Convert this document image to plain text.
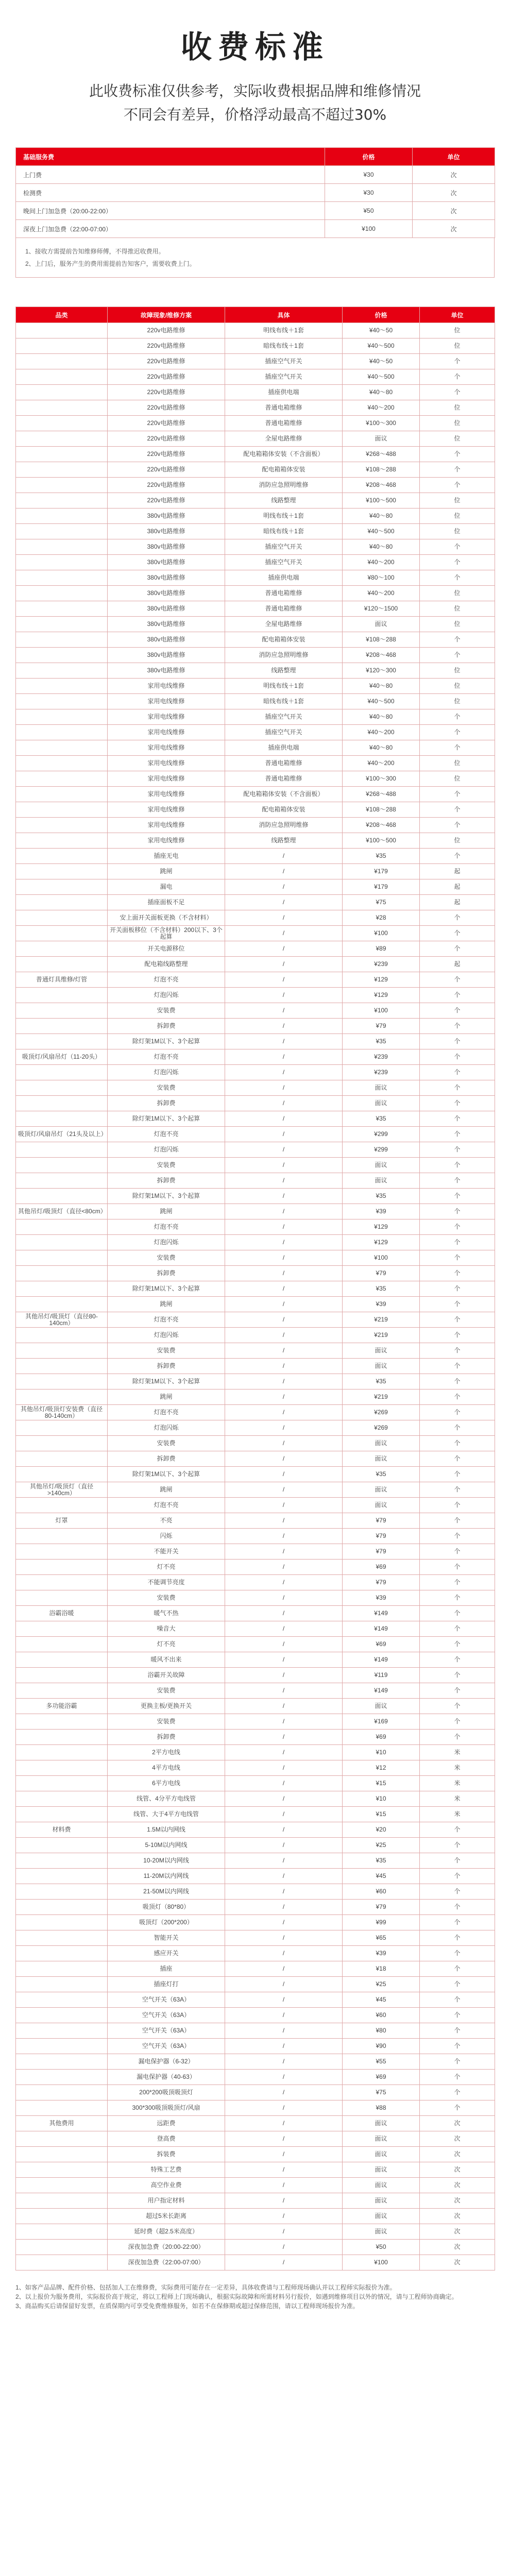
收费标准
此收费标准仅供参考，实际收费根据品牌和维修情况
不同会有差异，价格浮动最高不超过30%
基础服务费	价格	单位
上门费	¥30	次
检测费	¥30	次
晚间上门加急费（20:00-22:00）	¥50	次
深夜上门加急费（22:00-07:00）	¥100	次
1、接收方需提前告知维修师傅，不得推迟收费用。
2、上门后，服务产生的费用需提前告知客户，需要收费上门。
品类	故障现象/维修方案	具体	价格	单位
	220v电路维修	明线布线＋1套	¥40～50	位
	220v电路维修	暗线布线＋1套	¥40～500	位
	220v电路维修	插座空气开关	¥40～50	个
	220v电路维修	插座空气开关	¥40～500	个
	220v电路维修	插座供电端	¥40～80	个
	220v电路维修	普通电箱维修	¥40～200	位
	220v电路维修	普通电箱维修	¥100～300	位
	220v电路维修	全屋电路维修	面议	位
	220v电路维修	配电箱箱体安装（不含面板）	¥268～488	个
	220v电路维修	配电箱箱体安装	¥108～288	个
	220v电路维修	消防应急照明维修	¥208～468	个
	220v电路维修	线路整理	¥100～500	位
	380v电路维修	明线布线＋1套	¥40～80	位
	380v电路维修	暗线布线＋1套	¥40～500	位
	380v电路维修	插座空气开关	¥40～80	个
	380v电路维修	插座空气开关	¥40～200	个
	380v电路维修	插座供电端	¥80～100	个
	380v电路维修	普通电箱维修	¥40～200	位
	380v电路维修	普通电箱维修	¥120～1500	位
	380v电路维修	全屋电路维修	面议	位
	380v电路维修	配电箱箱体安装	¥108～288	个
	380v电路维修	消防应急照明维修	¥208～468	个
	380v电路维修	线路整理	¥120～300	位
	家用电线维修	明线布线＋1套	¥40～80	位
	家用电线维修	暗线布线＋1套	¥40～500	位
	家用电线维修	插座空气开关	¥40～80	个
	家用电线维修	插座空气开关	¥40～200	个
	家用电线维修	插座供电端	¥40～80	个
	家用电线维修	普通电箱维修	¥40～200	位
	家用电线维修	普通电箱维修	¥100～300	位
	家用电线维修	配电箱箱体安装（不含面板）	¥268～488	个
	家用电线维修	配电箱箱体安装	¥108～288	个
	家用电线维修	消防应急照明维修	¥208～468	个
	家用电线维修	线路整理	¥100～500	位
	插座无电	/	¥35	个
	跳闸	/	¥179	起
	漏电	/	¥179	起
	插座面板不足	/	¥75	起
	安上面开关面板更换（不含材料）	/	¥28	个
	开关面板移位（不含材料）200以下、3个起算	/	¥100	个
	开关电源移位	/	¥89	个
	配电箱线路整理	/	¥239	起
普通灯具维修/灯管	灯泡不亮	/	¥129	个
	灯泡闪烁	/	¥129	个
	安装费	/	¥100	个
	拆卸费	/	¥79	个
	除灯架1M以下、3个起算	/	¥35	个
吸顶灯/风扇吊灯（11-20头）	灯泡不亮	/	¥239	个
	灯泡闪烁	/	¥239	个
	安装费	/	面议	个
	拆卸费	/	面议	个
	除灯架1M以下、3个起算	/	¥35	个
吸顶灯/风扇吊灯（21头及以上）	灯泡不亮	/	¥299	个
	灯泡闪烁	/	¥299	个
	安装费	/	面议	个
	拆卸费	/	面议	个
	除灯架1M以下、3个起算	/	¥35	个
其他吊灯/吸顶灯（直径<80cm）	跳闸	/	¥39	个
	灯泡不亮	/	¥129	个
	灯泡闪烁	/	¥129	个
	安装费	/	¥100	个
	拆卸费	/	¥79	个
	除灯架1M以下、3个起算	/	¥35	个
	跳闸	/	¥39	个
其他吊灯/吸顶灯（直径80-140cm）	灯泡不亮	/	¥219	个
	灯泡闪烁	/	¥219	个
	安装费	/	面议	个
	拆卸费	/	面议	个
	除灯架1M以下、3个起算	/	¥35	个
	跳闸	/	¥219	个
其他吊灯/吸顶灯安装费（直径80-140cm）	灯泡不亮	/	¥269	个
	灯泡闪烁	/	¥269	个
	安装费	/	面议	个
	拆卸费	/	面议	个
	除灯架1M以下、3个起算	/	¥35	个
其他吊灯/吸顶灯（直径>140cm）	跳闸	/	面议	个
	灯泡不亮	/	面议	个
灯罩	不亮	/	¥79	个
	闪烁	/	¥79	个
	不能开关	/	¥79	个
	灯不亮	/	¥69	个
	不能调节亮度	/	¥79	个
	安装费	/	¥39	个
浴霸浴暖	暖气不热	/	¥149	个
	噪音大	/	¥149	个
	灯不亮	/	¥69	个
	暖风不出来	/	¥149	个
	浴霸开关故障	/	¥119	个
	安装费	/	¥149	个
多功能浴霸	更换主板/更换开关	/	面议	个
	安装费	/	¥169	个
	拆卸费	/	¥69	个
	2平方电线	/	¥10	米
	4平方电线	/	¥12	米
	6平方电线	/	¥15	米
	线管、4分平方电线管	/	¥10	米
	线管、大于4平方电线管	/	¥15	米
材料费	1.5M以内网线	/	¥20	个
	5-10M以内网线	/	¥25	个
	10-20M以内网线	/	¥35	个
	11-20M以内网线	/	¥45	个
	21-50M以内网线	/	¥60	个
	吸顶灯（80*80）	/	¥79	个
	吸顶灯（200*200）	/	¥99	个
	智能开关	/	¥65	个
	感应开关	/	¥39	个
	插座	/	¥18	个
	插座灯打	/	¥25	个
	空气开关（63A）	/	¥45	个
	空气开关（63A）	/	¥60	个
	空气开关（63A）	/	¥80	个
	空气开关（63A）	/	¥90	个
	漏电保护器（6-32）	/	¥55	个
	漏电保护器（40-63）	/	¥69	个
	200*200吸顶吸顶灯	/	¥75	个
	300*300吸顶吸顶灯/风扇	/	¥88	个
其他费用	远距费	/	面议	次
	登高费	/	面议	次
	拆装费	/	面议	次
	特殊工艺费	/	面议	次
	高空作业费	/	面议	次
	用户指定材料	/	面议	次
	超过5米长距离	/	面议	次
	延时费（超2.5米高度）	/	面议	次
	深夜加急费（20:00-22:00）	/	¥50	次
	深夜加急费（22:00-07:00）	/	¥100	次
1、如客产品品牌、配件价格、包括加人工在维修费，实际费用可能存在一定差异，具体收费请与工程师现场确认并以工程师实际报价为准。
2、以上报价为服务费用，实际报价高于规定，将以工程师上门现场确认，根据实际故障和所需材料另行报价，如遇到维修项目以外的情况，请与工程师协商确定。
3、商品购买后请保留好发票，在质保期内可享受免费维修服务，如若不在保修期或超过保修范围，请以工程师现场报价为准。
